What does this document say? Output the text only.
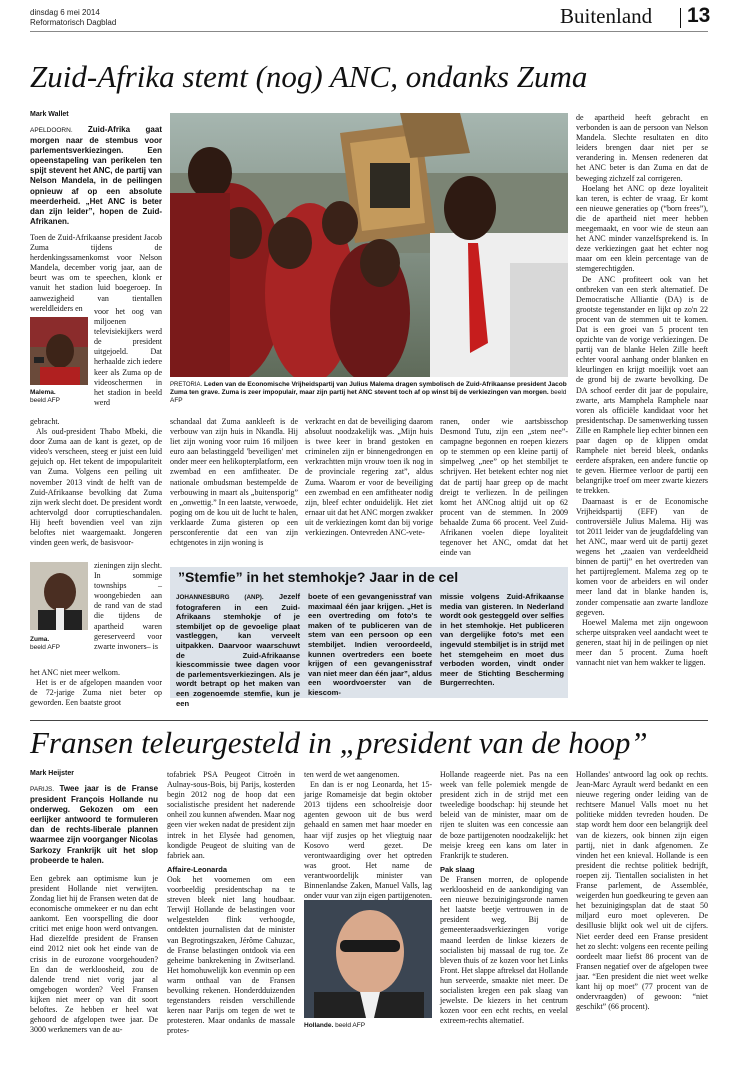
dinsdag 6 mei 2014
Reformatorisch Dagblad	Buitenland 13
Zuid-Afrika stemt (nog) ANC, ondanks Zuma
Mark Wallet
APELDOORN. Zuid-Afrika gaat morgen naar de stembus voor parlementsverkiezingen. Een opeenstapeling van perikelen ten spijt stevent het ANC, de partij van Nelson Mandela, in de peilingen opnieuw af op een absolute meerderheid. „Het ANC is beter dan zijn leider”, hopen de Zuid-Afrikanen.

Toen de Zuid-Afrikaanse president Jacob Zuma tijdens de herdenkingssamenkomst voor Nelson Mandela, december vorig jaar, aan de beurt was om te speechen, klonk er vanuit het stadion luid boegeroep. In aanwezigheid van tientallen wereldleiders en

Malema.
beeld AFP
voor het oog van miljoenen televisiekijkers werd de president uitgejoeld. Dat herhaalde zich iedere keer als Zuma op de videoschermen in het stadion in beeld werd

gebracht.

Als oud-president Thabo Mbeki, die door Zuma aan de kant is gezet, op de video's verscheen, steeg er juist een luid gejuich op. Het tekent de impopulariteit van Zuma. Volgens een peiling uit november 2013 vindt de helft van de Zuid-Afrikaanse bevolking dat Zuma zijn werk slecht doet. De president wordt achtervolgd door corruptieschandalen. Hij heeft bovendien veel van zijn beloftes niet waargemaakt. Jongeren vinden geen werk, de basisvoor-

Zuma.
beeld AFP
zieningen zijn slecht. In sommige townships –woongebieden aan de rand van de stad die tijdens de apartheid waren gereserveerd voor zwarte inwoners– is

het ANC niet meer welkom.

Het is er de afgelopen maanden voor de 72-jarige Zuma niet beter op geworden. Een baatste groot

PRETORIA. Leden van de Economische Vrijheidspartij van Julius Malema dragen symbolisch de Zuid-Afrikaanse president Jacob Zuma ten grave. Zuma is zeer impopulair, maar zijn partij het ANC stevent toch af op winst bij de verkiezingen van morgen. beeld AFP
schandaal dat Zuma aankleeft is de verbouw van zijn huis in Nkandla. Hij liet zijn woning voor ruim 16 miljoen euro aan belastinggeld 'beveiligen' met onder meer een helikopterplatform, een zwembad en een amfitheater. De nationale ombudsman bestempelde de verbouwing in maart als „buitensporig” en „onwettig.” In een laatste, verwoede, poging om de kou uit de lucht te halen, verklaarde Zuma gisteren op een persconferentie dat een van zijn echtgenotes in zijn woning is
verkracht en dat de beveiliging daarom absoluut noodzakelijk was. „Mijn huis is twee keer in brand gestoken en criminelen zijn er binnengedrongen en verkrachtten mijn vrouw toen ik nog in de provinciale regering zat”, aldus Zuma. Waarom er voor de beveiliging een zwembad en een amfitheater nodig zijn, bleef echter onduidelijk. Het ziet ernaar uit dat het ANC morgen zwakker uit de verkiezingen komt dan bij vorige verkiezingen. Ontevreden ANC-vete-
ranen, onder wie aartsbisschop Desmond Tutu, zijn een „stem nee”-campagne begonnen en roepen kiezers op te stemmen op een kleine partij of simpelweg „nee” op het stembiljet te schrijven. Het betekent echter nog niet dat de partij haar greep op de macht dreigt te verliezen. In de peilingen komt het ANCnog altijd uit op 62 procent van de stemmen. In 2009 behaalde Zuma 66 procent. Veel Zuid-Afrikanen voelen diepe loyaliteit tegenover het ANC, omdat dat het einde van
”Stemfie” in het stemhokje? Jaar in de cel
JOHANNESBURG (ANP). Jezelf fotograferen in een Zuid-Afrikaans stemhokje of je stembiljet op de gevoelige plaat vastleggen, kan verveelt uitpakken. Daarvoor waarschuwt de Zuid-Afrikaanse kiescommissie twee dagen voor de parlementsverkiezingen. Als je wordt betrapt op het maken van een zogenoemde stemfie, kun je een
boete of een gevangenisstraf van maximaal één jaar krijgen. „Het is een overtreding om foto's te maken of te publiceren van de stem van een persoon op een stembiljet. Indien veroordeeld, kunnen overtreders een boete krijgen of een gevangenisstraf van niet meer dan één jaar”, aldus een woordvoerster van de kiescom-
missie volgens Zuid-Afrikaanse media van gisteren. In Nederland wordt ook gesteggeld over selfies in het stemhokje. Het publiceren van dergelijke foto's met een ingevuld stembiljet is in strijd met het stemgeheim en moet dus verboden worden, vindt onder meer de Stichting Bescherming Burgerrechten.

de apartheid heeft gebracht en verbonden is aan de persoon van Nelson Mandela. Slechte resultaten en dito leiders brengen daar niet per se verandering in. Mensen redeneren dat het ANC beter is dan Zuma en dat de beweging zichzelf zal corrigeren.

Hoelang het ANC op deze loyaliteit kan teren, is echter de vraag. Er komt een nieuwe generaties op (“born frees”), die de apartheid niet meer hebben meegemaakt, en voor wie de steun aan het ANC minder vanzelfsprekend is. In deze verkiezingen gaat het echter nog maar om een klein percentage van de stemgerechtigden.

De ANC profiteert ook van het ontbreken van een sterk alternatief. De Democratische Alliantie (DA) is de grootste tegenstander en lijkt op zo'n 22 procent van de stemmen uit te komen. Dat is een groei van 5 procent ten opzichte van de vorige verkiezingen. De partij van de blanke Helen Zille heeft echter vooral aanhang onder blanken en kleurlingen en krijgt moeilijk voet aan de grond bij de zwarte bevolking. De DA schoof eerder dit jaar de populaire, zwarte, arts Mamphela Ramphele naar voren als officiële kandidaat voor het presidentschap. De samenwerking tussen Zille en Ramphele liep echter binnen een paar dagen op de klippen omdat Ramphele niet bereid bleek, ondanks eerdere afspraken, een andere functie op te geven. Hiermee verloor de partij een belangrijke troef om meer zwarte kiezers te trekken.

Daarnaast is er de Economische Vrijheidspartij (EFF) van de controversiële Julius Malema. Hij was tot 2011 leider van de jeugdafdeling van het ANC, maar werd uit de partij gezet wegens het „zaaien van verdeeldheid binnen de partij” en het overtreden van het partijreglement. Malema zeg op te komen voor de arbeiders en wil onder meer land dat in blanke handen is, zonder compensatie aan zwarte landloze gegeven.

Hoewel Malema met zijn ongewoon scherpe uitspraken veel aandacht weet te generen, staat hij in de peilingen op niet meer dan 5 procent. Zuma hoeft vannacht niet van hem wakker te liggen.

Fransen teleurgesteld in „president van de hoop”
Mark Heijster
PARIJS. Twee jaar is de Franse president François Hollande nu onderweg. Gekozen om een eerlijker antwoord te formuleren dan de rechts-liberale plannen waarmee zijn voorganger Nicolas Sarkozy Frankrijk uit het slop probeerde te halen.

Een gebrek aan optimisme kun je president Hollande niet verwijten. Zondag liet hij de Fransen weten dat de economische ommekeer er nu dan echt aankomt. Een voorspelling die door critici met enige hoon werd ontvangen. Had diezelfde president de Fransen eind 2012 niet ook het einde van de crisis in de eurozone voorgehouden? En dan de werkloosheid, zou de dalende trend niet vorig jaar al omgebogen worden? Veel Fransen kijken niet meer op van dit soort beloftes. Ze hebben er heel wat gehoord de afgelopen twee jaar. De 3000 werknemers van de au-

tofabriek PSA Peugeot Citroën in Aulnay-sous-Bois, bij Parijs, kosterden begin 2012 nog de hoop dat een socialistische president het naderende onheil zou kunnen afwenden. Maar nog geen vier weken nadat de president zijn intrek in het Elysée had genomen, kondigde Peugeot de sluiting van de fabriek aan.

Affaire-Leonarda

Ook het voornemen om een voorbeeldig presidentschap na te streven bleek niet lang houdbaar. Terwijl Hollande de belastingen voor welgestelden flink verhoogde, ontdekten journalisten dat de minister van Begrotingszaken, Jérôme Cahuzac, de Franse belastingen ontdook via een geheime bankrekening in Zwitserland. Het homohuwelijk kon evenmin op een warm onthaal van de Fransen bevolking rekenen. Honderdduizenden tegenstanders reisden verschillende keren naar Parijs om tegen de wet te protesteren. Maar ondanks de massale protes-

ten werd de wet aangenomen.

En dan is er nog Leonarda, het 15-jarige Romameisje dat begin oktober 2013 tijdens een schoolreisje door agenten gewoon uit de bus werd gehaald en samen met haar moeder en haar vijf zusjes op het vliegtuig naar Kosovo werd gezet. De verontwaardiging over het optreden was groot. Het name de verantwoordelijk minister van Binnenlandse Zaken, Manuel Valls, lag onder vuur van zijn eigen partijgenoten.

Hollande. beeld AFP

Hollande reageerde niet. Pas na een week van felle polemiek mengde de president zich in de strijd met een tweeledige boodschap: hij steunde het beleid van de minister, maar om de rijen te sluiten was een concessie aan de boze partijgenoten noodzakelijk: het meisje kreeg een kans om later in Frankrijk te studeren.

Pak slaag

De Fransen morren, de oplopende werkloosheid en de aankondiging van een nieuwe bezuinigingsronde namen het laatste beetje vertrouwen in de president weg. Bij de gemeenteraadsverkiezingen vorige maand leerden de linkse kiezers de socialisten bij massaal de rug toe. Ze bleven thuis of ze kozen voor het Links Front. Het slappe aftreksel dat Hollande hun serveerde, smaakte niet meer. De socialisten kregen een pak slaag van jewelste. De kiezers in het centrum kozen voor een echt rechts, en veelal extreem-rechts alternatief.

Hollandes' antwoord lag ook op rechts. Jean-Marc Ayrault werd bedankt en een nieuwe regering onder leiding van de rechtsere Manuel Valls moet nu het politieke midden tevreden houden. De stap wordt hem door een belangrijk deel van de kiezers, ook binnen zijn eigen partij, niet in dank afgenomen. Ze vinden het een knieval. Hollande is een president die rechtse politiek bedrijft, roepen zij. Tientallen socialisten in het Franse parlement, de Assemblée, weigerden hun goedkeuring te geven aan het bezuinigingsplan dat de staat 50 miljard euro moet opleveren. De desillusie blijkt ook wel uit de cijfers. Niet eerder deed een Franse president het zo slecht: volgens een recente peiling oordeelt maar liefst 86 procent van de Fransen negatief over de afgelopen twee jaar. “Een president die niet weet welke kant hij op moet” (77 procent van de ondervraagden) of gewoon: “niet geschikt” (66 procent).
